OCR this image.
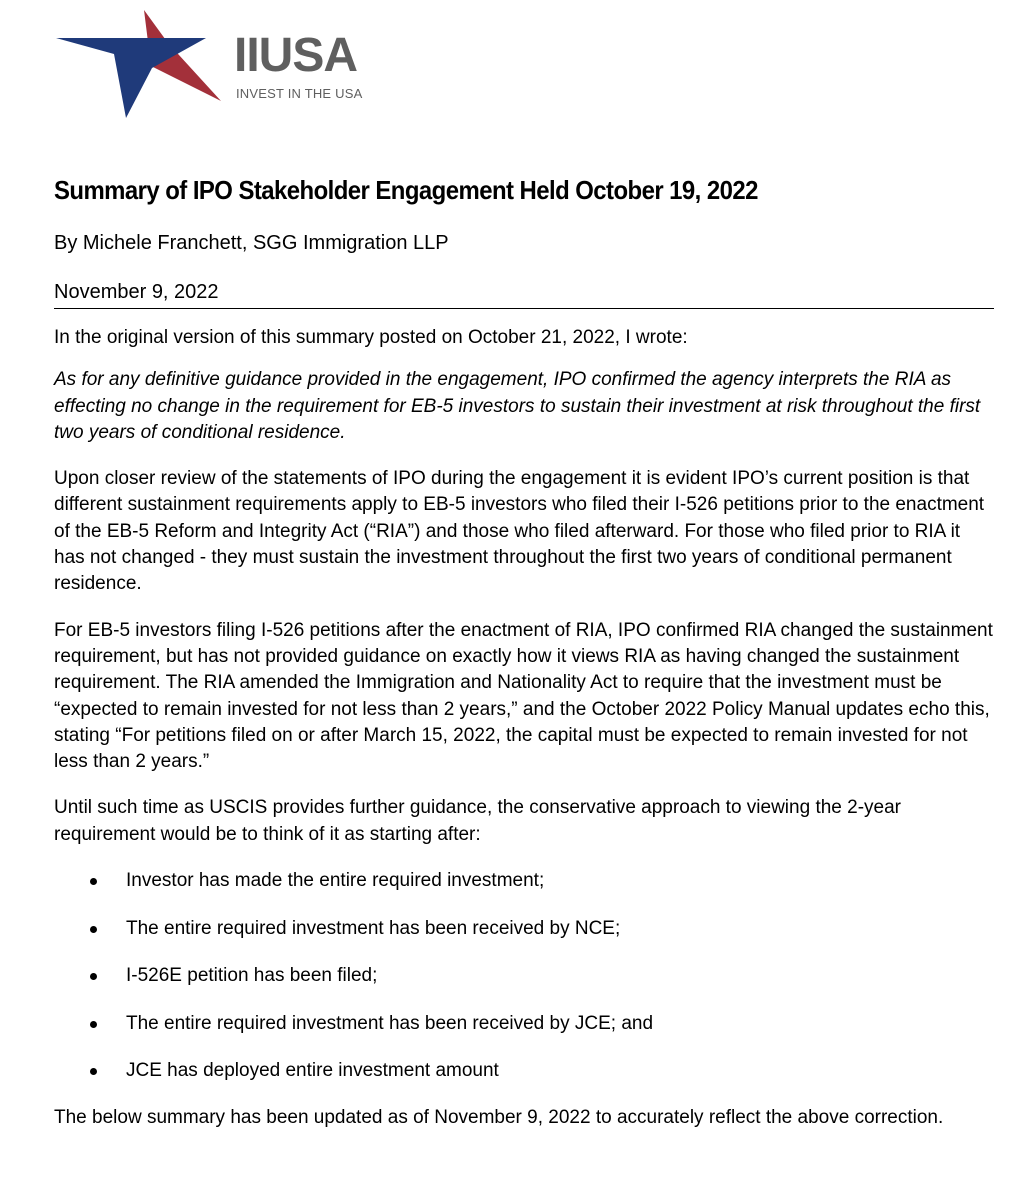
IIUSA
INVEST IN THE USA
Summary of IPO Stakeholder Engagement Held October 19, 2022
By Michele Franchett, SGG Immigration LLP
November 9, 2022

In the original version of this summary posted on October 21, 2022, I wrote:

As for any definitive guidance provided in the engagement, IPO confirmed the agency interprets the RIA as effecting no change in the requirement for EB-5 investors to sustain their investment at risk throughout the first two years of conditional residence.

Upon closer review of the statements of IPO during the engagement it is evident IPO’s current position is that different sustainment requirements apply to EB-5 investors who filed their I-526 petitions prior to the enactment of the EB-5 Reform and Integrity Act (“RIA”) and those who filed afterward. For those who filed prior to RIA it has not changed - they must sustain the investment throughout the first two years of conditional permanent residence.

For EB-5 investors filing I-526 petitions after the enactment of RIA, IPO confirmed RIA changed the sustainment requirement, but has not provided guidance on exactly how it views RIA as having changed the sustainment requirement. The RIA amended the Immigration and Nationality Act to require that the investment must be “expected to remain invested for not less than 2 years,” and the October 2022 Policy Manual updates echo this, stating “For petitions filed on or after March 15, 2022, the capital must be expected to remain invested for not less than 2 years.”

Until such time as USCIS provides further guidance, the conservative approach to viewing the 2-year requirement would be to think of it as starting after:

Investor has made the entire required investment;
The entire required investment has been received by NCE;
I-526E petition has been filed;
The entire required investment has been received by JCE; and
JCE has deployed entire investment amount

The below summary has been updated as of November 9, 2022 to accurately reflect the above correction.
